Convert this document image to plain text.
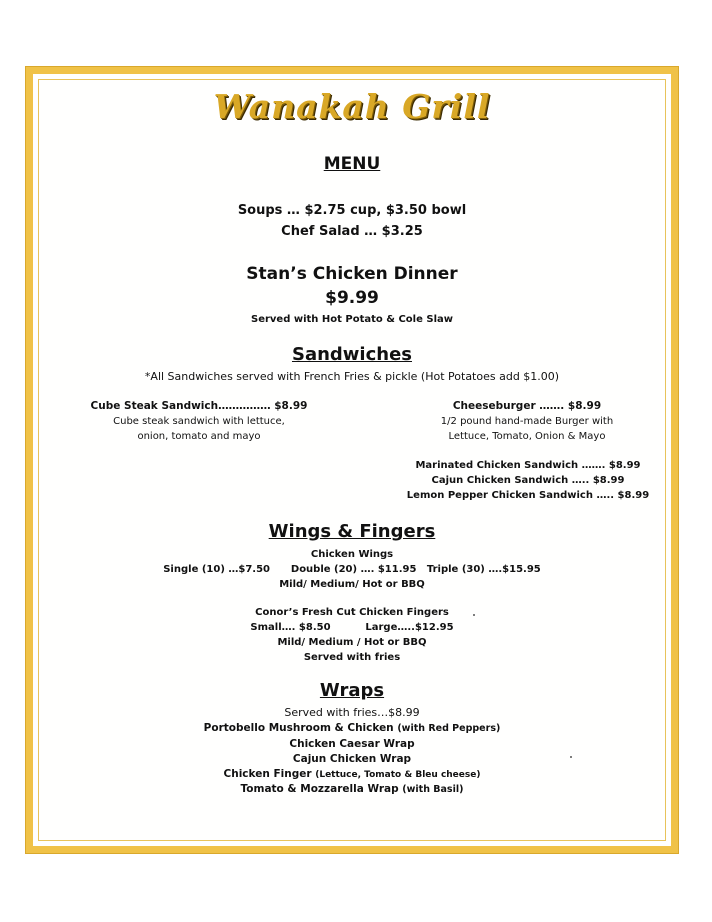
Wanakah Grill
MENU
Soups … $2.75 cup, $3.50 bowl
Chef Salad … $3.25
Stan’s Chicken Dinner
$9.99
Served with Hot Potato & Cole Slaw
Sandwiches
*All Sandwiches served with French Fries & pickle (Hot Potatoes add $1.00)
Cube Steak Sandwich…………… $8.99
Cube steak sandwich with lettuce,
onion, tomato and mayo
Cheeseburger ……. $8.99
1/2 pound hand-made Burger with
Lettuce, Tomato, Onion & Mayo
Marinated Chicken Sandwich ……. $8.99
Cajun Chicken Sandwich ….. $8.99
Lemon Pepper Chicken Sandwich ….. $8.99
Wings & Fingers
Chicken Wings
Single (10) …$7.50      Double (20) …. $11.95   Triple (30) ….$15.95
Mild/ Medium/ Hot or BBQ
Conor’s Fresh Cut Chicken Fingers
Small…. $8.50          Large…..$12.95
Mild/ Medium / Hot or BBQ
Served with fries
Wraps
Served with fries…$8.99
Portobello Mushroom & Chicken (with Red Peppers)
Chicken Caesar Wrap
Cajun Chicken Wrap
Chicken Finger (Lettuce, Tomato & Bleu cheese)
Tomato & Mozzarella Wrap (with Basil)
